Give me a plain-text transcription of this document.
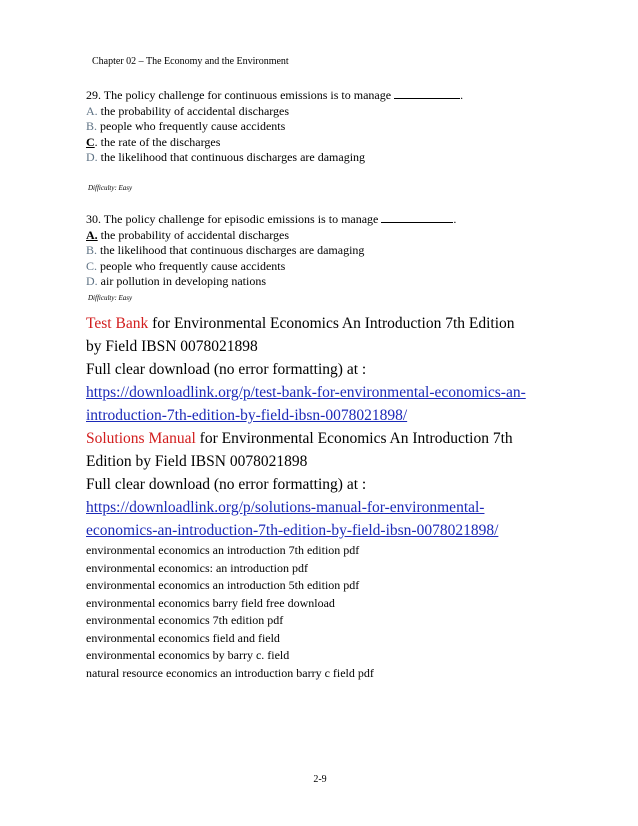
Chapter 02 – The Economy and the Environment
29. The policy challenge for continuous emissions is to manage	.
A. the probability of accidental discharges
B. people who frequently cause accidents
C. the rate of the discharges
D. the likelihood that continuous discharges are damaging
Difficulty: Easy
30. The policy challenge for episodic emissions is to manage	.
A. the probability of accidental discharges
B. the likelihood that continuous discharges are damaging
C. people who frequently cause accidents
D. air pollution in developing nations
Difficulty: Easy
Test Bank for Environmental Economics An Introduction 7th Edition
by Field IBSN 0078021898
Full clear download (no error formatting) at :
https://downloadlink.org/p/test-bank-for-environmental-economics-an-
introduction-7th-edition-by-field-ibsn-0078021898/
Solutions Manual for Environmental Economics An Introduction 7th
Edition by Field IBSN 0078021898
Full clear download (no error formatting) at :
https://downloadlink.org/p/solutions-manual-for-environmental-
economics-an-introduction-7th-edition-by-field-ibsn-0078021898/
environmental economics an introduction 7th edition pdf
environmental economics: an introduction pdf
environmental economics an introduction 5th edition pdf
environmental economics barry field free download
environmental economics 7th edition pdf
environmental economics field and field
environmental economics by barry c. field
natural resource economics an introduction barry c field pdf
2-9
